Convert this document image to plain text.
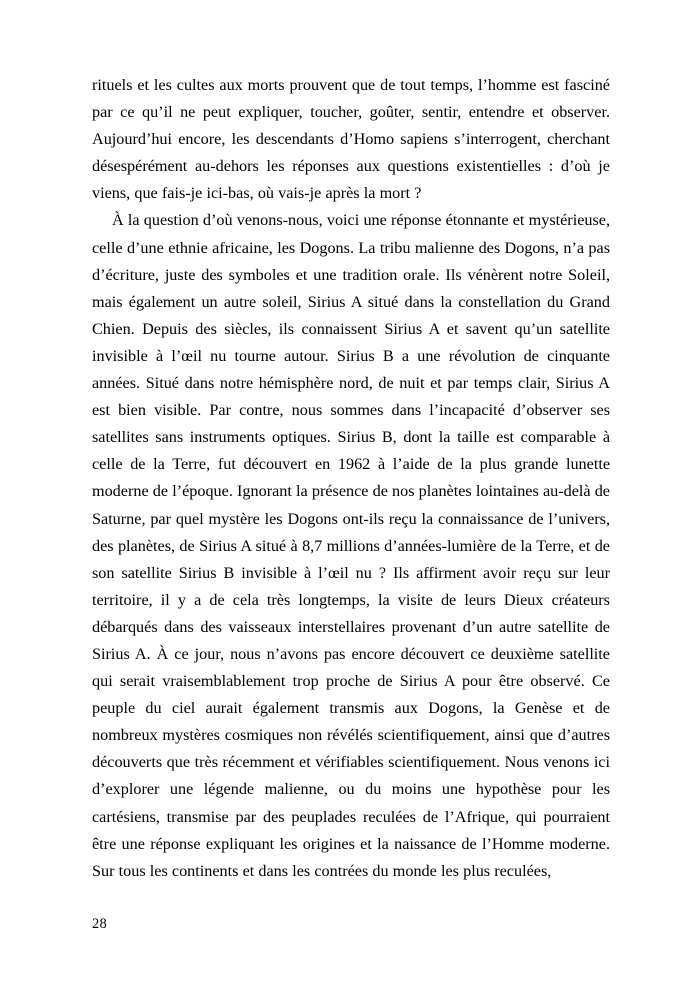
rituels et les cultes aux morts prouvent que de tout temps, l’homme est fasciné par ce qu’il ne peut expliquer, toucher, goûter, sentir, entendre et observer. Aujourd’hui encore, les descendants d’Homo sapiens s’interrogent, cherchant désespérément au-dehors les réponses aux questions existentielles : d’où je viens, que fais-je ici-bas, où vais-je après la mort ?

À la question d’où venons-nous, voici une réponse étonnante et mystérieuse, celle d’une ethnie africaine, les Dogons. La tribu malienne des Dogons, n’a pas d’écriture, juste des symboles et une tradition orale. Ils vénèrent notre Soleil, mais également un autre soleil, Sirius A situé dans la constellation du Grand Chien. Depuis des siècles, ils connaissent Sirius A et savent qu’un satellite invisible à l’œil nu tourne autour. Sirius B a une révolution de cinquante années. Situé dans notre hémisphère nord, de nuit et par temps clair, Sirius A est bien visible. Par contre, nous sommes dans l’incapacité d’observer ses satellites sans instruments optiques. Sirius B, dont la taille est comparable à celle de la Terre, fut découvert en 1962 à l’aide de la plus grande lunette moderne de l’époque. Ignorant la présence de nos planètes lointaines au-delà de Saturne, par quel mystère les Dogons ont-ils reçu la connaissance de l’univers, des planètes, de Sirius A situé à 8,7 millions d’années-lumière de la Terre, et de son satellite Sirius B invisible à l’œil nu ? Ils affirment avoir reçu sur leur territoire, il y a de cela très longtemps, la visite de leurs Dieux créateurs débarqués dans des vaisseaux interstellaires provenant d’un autre satellite de Sirius A. À ce jour, nous n’avons pas encore découvert ce deuxième satellite qui serait vraisemblablement trop proche de Sirius A pour être observé. Ce peuple du ciel aurait également transmis aux Dogons, la Genèse et de nombreux mystères cosmiques non révélés scientifiquement, ainsi que d’autres découverts que très récemment et vérifiables scientifiquement. Nous venons ici d’explorer une légende malienne, ou du moins une hypothèse pour les cartésiens, transmise par des peuplades reculées de l’Afrique, qui pourraient être une réponse expliquant les origines et la naissance de l’Homme moderne. Sur tous les continents et dans les contrées du monde les plus reculées,

28
